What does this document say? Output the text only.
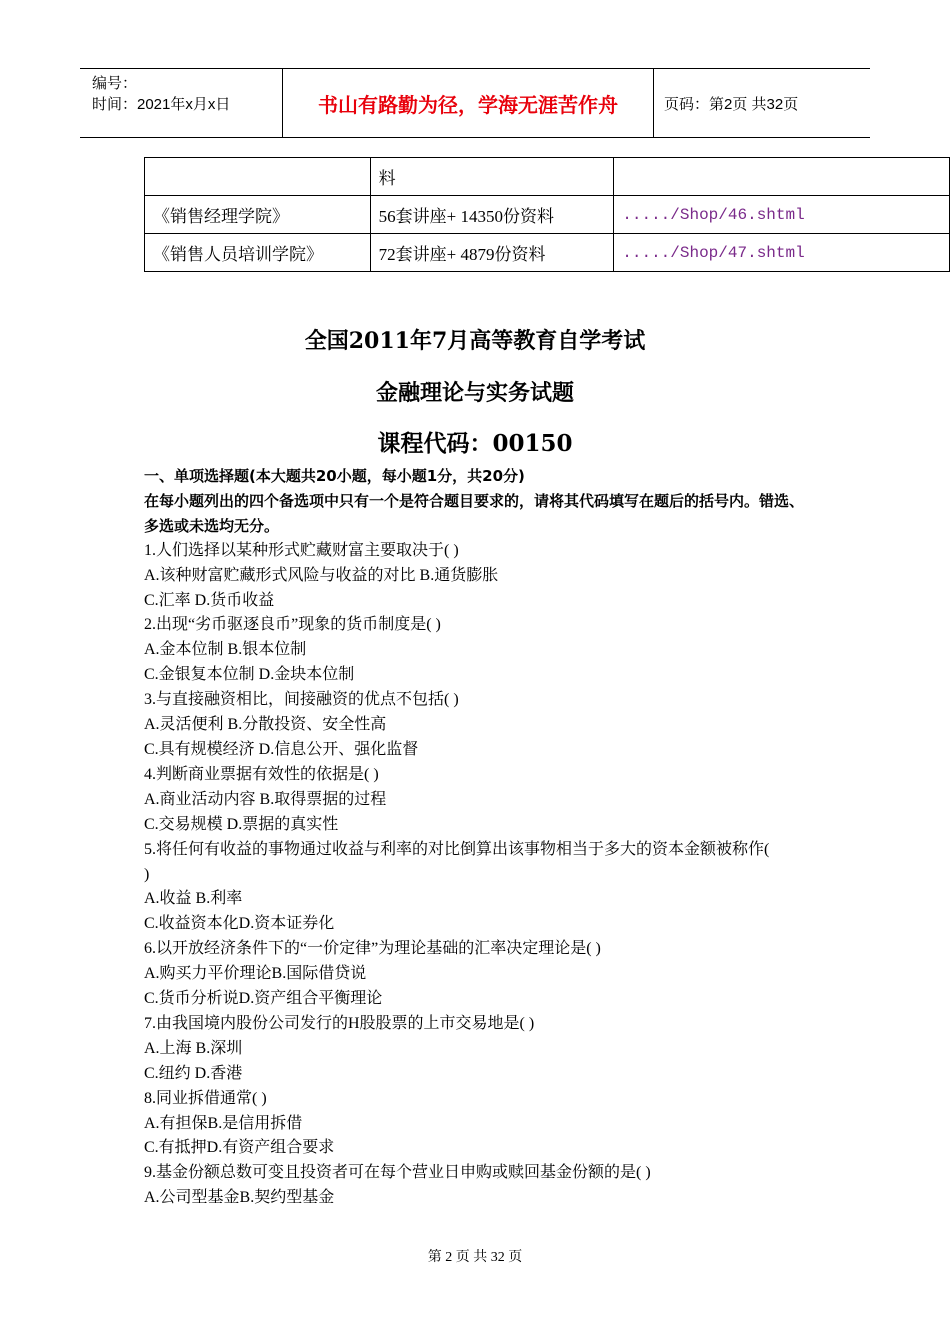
编号：
时间：2021年x月x日	书山有路勤为径，学海无涯苦作舟	页码：第2页 共32页
	料	
《销售经理学院》	56套讲座+ 14350份资料	...../Shop/46.shtml
《销售人员培训学院》	72套讲座+ 4879份资料	...../Shop/47.shtml
全国2011年7月高等教育自学考试
金融理论与实务试题
课程代码：00150

一、单项选择题(本大题共20小题，每小题1分，共20分)

在每小题列出的四个备选项中只有一个是符合题目要求的，请将其代码填写在题后的括号内。错选、多选或未选均无分。

1.人们选择以某种形式贮藏财富主要取决于( )

A.该种财富贮藏形式风险与收益的对比 B.通货膨胀

C.汇率 D.货币收益

2.出现“劣币驱逐良币”现象的货币制度是( )

A.金本位制 B.银本位制

C.金银复本位制 D.金块本位制

3.与直接融资相比，间接融资的优点不包括( )

A.灵活便利 B.分散投资、安全性高

C.具有规模经济 D.信息公开、强化监督

4.判断商业票据有效性的依据是( )

A.商业活动内容 B.取得票据的过程

C.交易规模 D.票据的真实性

5.将任何有收益的事物通过收益与利率的对比倒算出该事物相当于多大的资本金额被称作(

)

A.收益 B.利率

C.收益资本化D.资本证券化

6.以开放经济条件下的“一价定律”为理论基础的汇率决定理论是( )

A.购买力平价理论B.国际借贷说

C.货币分析说D.资产组合平衡理论

7.由我国境内股份公司发行的H股股票的上市交易地是( )

A.上海 B.深圳

C.纽约 D.香港

8.同业拆借通常( )

A.有担保B.是信用拆借

C.有抵押D.有资产组合要求

9.基金份额总数可变且投资者可在每个营业日申购或赎回基金份额的是( )

A.公司型基金B.契约型基金

第 2 页 共 32 页
